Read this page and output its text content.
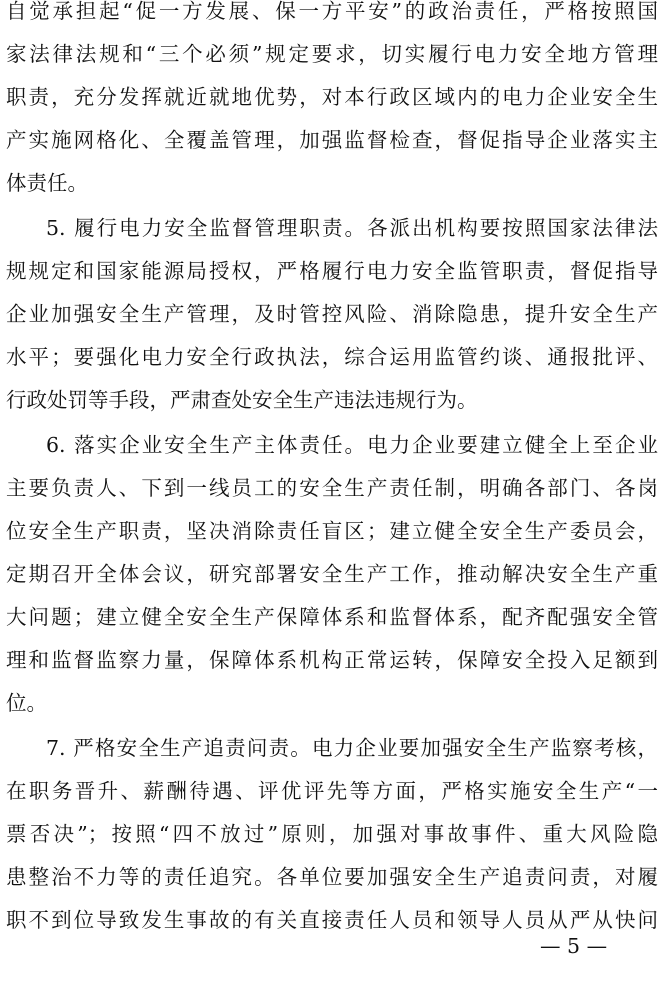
自觉承担起“促一方发展、保一方平安”的政治责任，严格按照国
家法律法规和“三个必须”规定要求，切实履行电力安全地方管理
职责，充分发挥就近就地优势，对本行政区域内的电力企业安全生
产实施网格化、全覆盖管理，加强监督检查，督促指导企业落实主
体责任。
5. 履行电力安全监督管理职责。各派出机构要按照国家法律法
规规定和国家能源局授权，严格履行电力安全监管职责，督促指导
企业加强安全生产管理，及时管控风险、消除隐患，提升安全生产
水平；要强化电力安全行政执法，综合运用监管约谈、通报批评、
行政处罚等手段，严肃查处安全生产违法违规行为。
6. 落实企业安全生产主体责任。电力企业要建立健全上至企业
主要负责人、下到一线员工的安全生产责任制，明确各部门、各岗
位安全生产职责，坚决消除责任盲区；建立健全安全生产委员会，
定期召开全体会议，研究部署安全生产工作，推动解决安全生产重
大问题；建立健全安全生产保障体系和监督体系，配齐配强安全管
理和监督监察力量，保障体系机构正常运转，保障安全投入足额到
位。
7. 严格安全生产追责问责。电力企业要加强安全生产监察考核，
在职务晋升、薪酬待遇、评优评先等方面，严格实施安全生产“一
票否决”；按照“四不放过”原则，加强对事故事件、重大风险隐
患整治不力等的责任追究。各单位要加强安全生产追责问责，对履
职不到位导致发生事故的有关直接责任人员和领导人员从严从快问
— 5 —
